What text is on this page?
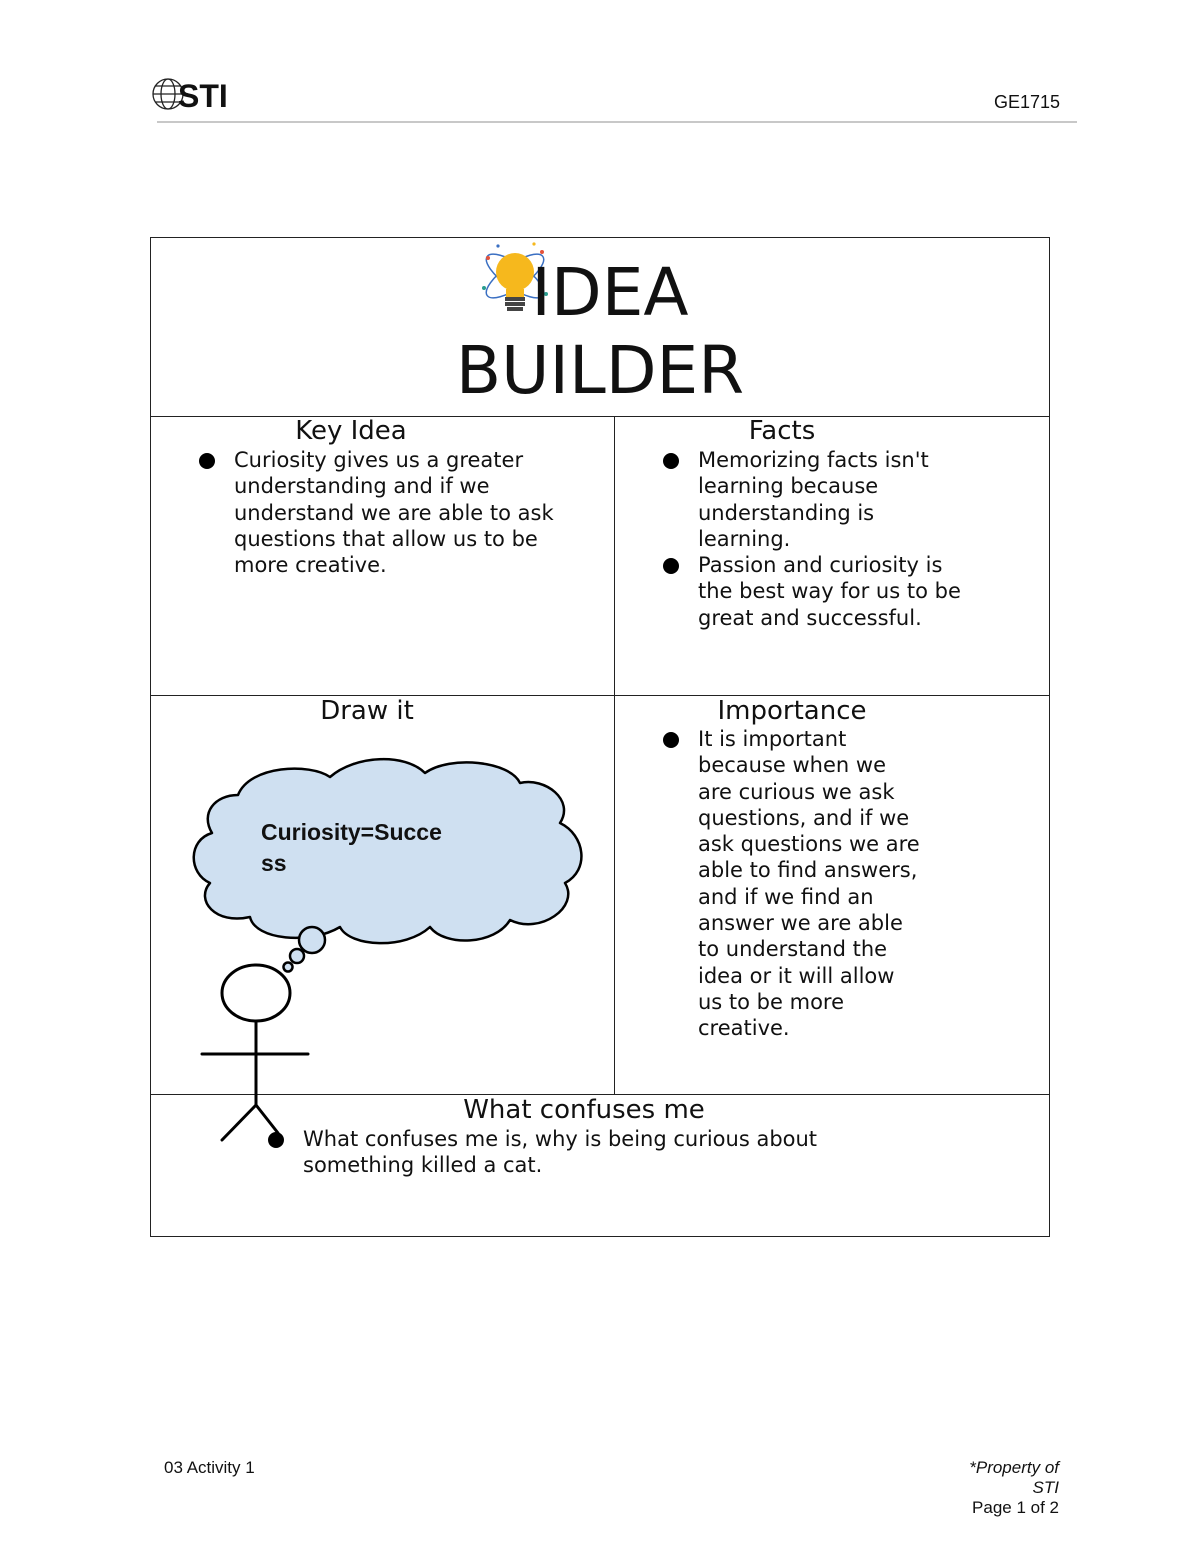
STI	GE1715
IDEA
BUILDER
Key Idea
Curiosity gives us a greater understanding and if we understand we are able to ask questions that allow us to be more creative.
Facts
Memorizing facts isn't learning because understanding is learning.
Passion and curiosity is the best way for us to be great and successful.
Draw it	Importance
It is important because when we are curious we ask questions, and if we ask questions we are able to find answers, and if we find an answer we are able to understand the idea or it will allow us to be more creative.
What confuses me
What confuses me is, why is being curious about something killed a cat.
Curiosity=Succe
ss
03 Activity 1	*Property of
STI
Page 1 of 2
